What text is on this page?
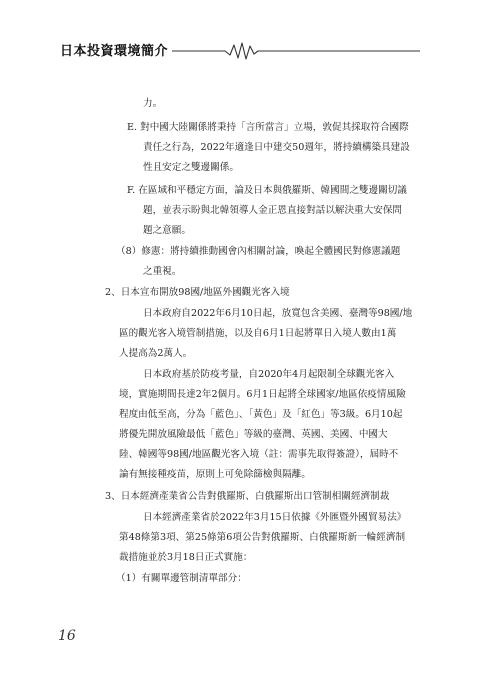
日本投資環境簡介
力。
E. 對中國大陸關係將秉持「言所當言」立場，敦促其採取符合國際
責任之行為，2022年適逢日中建交50週年，將持續構築具建設
性且安定之雙邊關係。
F. 在區域和平穩定方面，論及日本與俄羅斯、韓國間之雙邊關切議
題，並表示盼與北韓領導人金正恩直接對話以解決重大安保問
題之意願。
（8）修憲：將持續推動國會內相關討論，喚起全體國民對修憲議題
之重視。
2、日本宣布開放98國/地區外國觀光客入境
日本政府自2022年6月10日起，放寬包含美國、臺灣等98國/地
區的觀光客入境管制措施，以及自6月1日起將單日入境人數由1萬
人提高為2萬人。
日本政府基於防疫考量，自2020年4月起限制全球觀光客入
境，實施期間長達2年2個月。6月1日起將全球國家/地區依疫情風險
程度由低至高，分為「藍色」、「黃色」及「紅色」等3級。6月10起
將優先開放風險最低「藍色」等級的臺灣、英國、美國、中國大
陸、韓國等98國/地區觀光客入境（註：需事先取得簽證），屆時不
論有無接種疫苗，原則上可免除篩檢與隔離。
3、日本經濟產業省公告對俄羅斯、白俄羅斯出口管制相關經濟制裁
日本經濟產業省於2022年3月15日依據《外匯暨外國貿易法》
第48條第3項、第25條第6項公告對俄羅斯、白俄羅斯新一輪經濟制
裁措施並於3月18日正式實施：
（1）有關單邊管制清單部分：
16
